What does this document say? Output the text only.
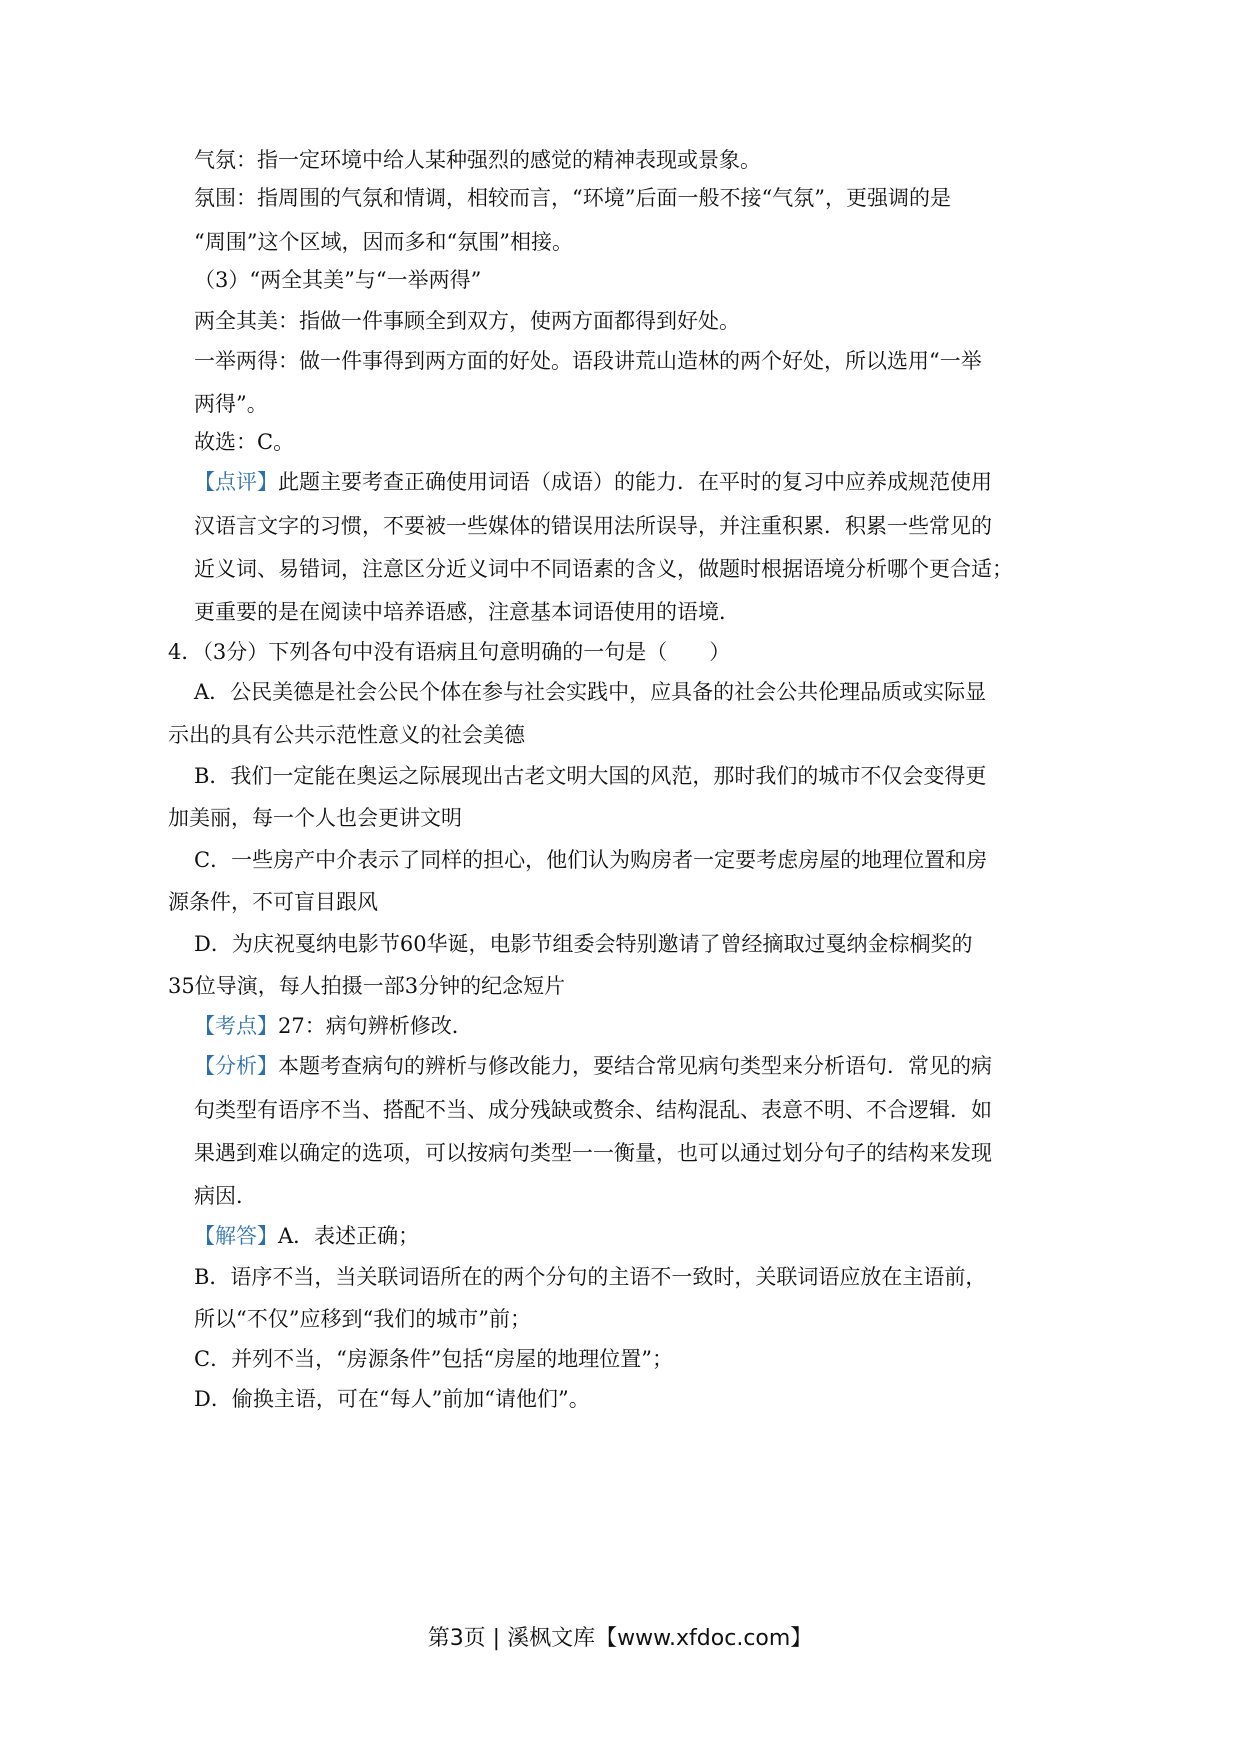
气氛：指一定环境中给人某种强烈的感觉的精神表现或景象。
氛围：指周围的气氛和情调，相较而言，“环境”后面一般不接“气氛”，更强调的是
“周围”这个区域，因而多和“氛围”相接。
（3）“两全其美”与“一举两得”
两全其美：指做一件事顾全到双方，使两方面都得到好处。
一举两得：做一件事得到两方面的好处。语段讲荒山造林的两个好处，所以选用“一举
两得”。
故选：C。
【点评】此题主要考查正确使用词语（成语）的能力．在平时的复习中应养成规范使用
汉语言文字的习惯，不要被一些媒体的错误用法所误导，并注重积累．积累一些常见的
近义词、易错词，注意区分近义词中不同语素的含义，做题时根据语境分析哪个更合适；
更重要的是在阅读中培养语感，注意基本词语使用的语境．
4．（3分）下列各句中没有语病且句意明确的一句是（　　）
A．公民美德是社会公民个体在参与社会实践中，应具备的社会公共伦理品质或实际显
示出的具有公共示范性意义的社会美德
B．我们一定能在奥运之际展现出古老文明大国的风范，那时我们的城市不仅会变得更
加美丽，每一个人也会更讲文明
C．一些房产中介表示了同样的担心，他们认为购房者一定要考虑房屋的地理位置和房
源条件，不可盲目跟风
D．为庆祝戛纳电影节60华诞，电影节组委会特别邀请了曾经摘取过戛纳金棕榈奖的
35位导演，每人拍摄一部3分钟的纪念短片
【考点】27：病句辨析修改．
【分析】本题考查病句的辨析与修改能力，要结合常见病句类型来分析语句．常见的病
句类型有语序不当、搭配不当、成分残缺或赘余、结构混乱、表意不明、不合逻辑．如
果遇到难以确定的选项，可以按病句类型一一衡量，也可以通过划分句子的结构来发现
病因．
【解答】A．表述正确；
B．语序不当，当关联词语所在的两个分句的主语不一致时，关联词语应放在主语前，
所以“不仅”应移到“我们的城市”前；
C．并列不当，“房源条件”包括“房屋的地理位置”；
D．偷换主语，可在“每人”前加“请他们”。
第3页 | 溪枫文库【www.xfdoc.com】
